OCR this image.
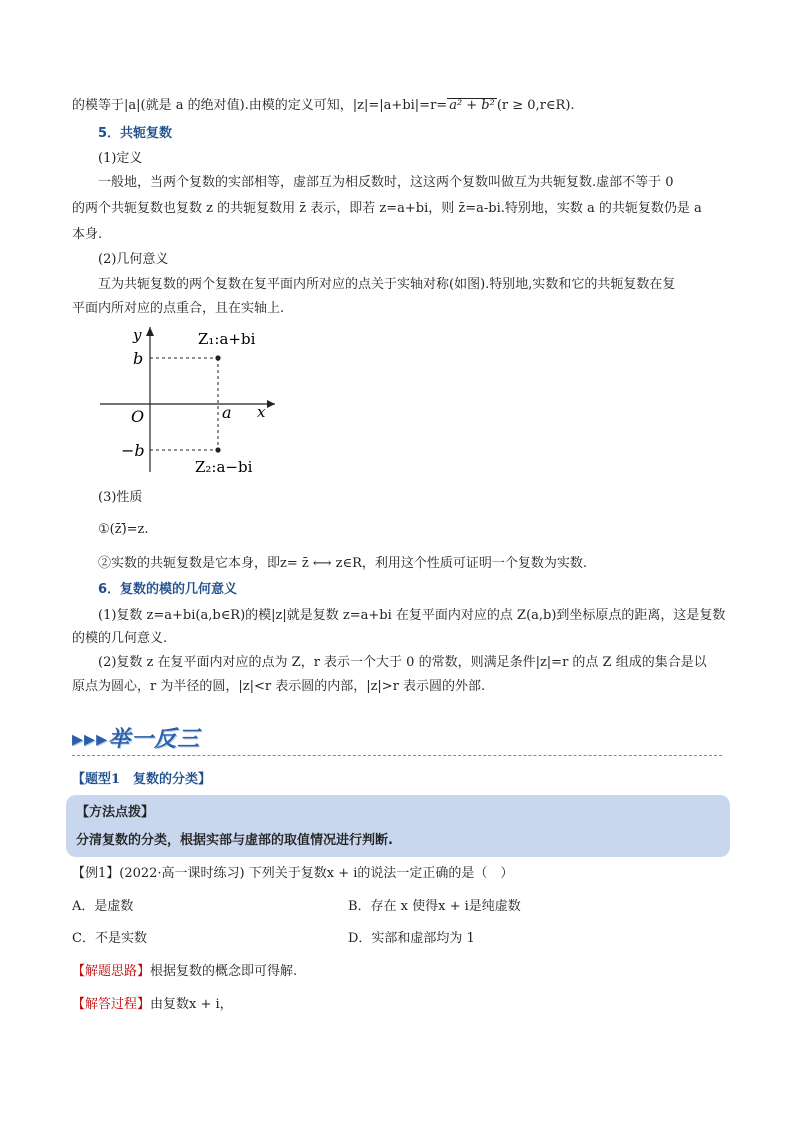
的模等于|a|(就是 a 的绝对值).由模的定义可知，|z|=|a+bi|=r= a² + b² (r ≥ 0,r∈R).

5．共轭复数

(1)定义

一般地，当两个复数的实部相等，虚部互为相反数时，这这两个复数叫做互为共轭复数.虚部不等于 0

的两个共轭复数也复数 z 的共轭复数用 z̄ 表示，即若 z=a+bi，则 z̄=a-bi.特别地，实数 a 的共轭复数仍是 a

本身.

(2)几何意义

互为共轭复数的两个复数在复平面内所对应的点关于实轴对称(如图).特别地,实数和它的共轭复数在复

平面内所对应的点重合，且在实轴上.

y
x
O
b
−b
a
Z₁:a+bi
Z₂:a−bi

(3)性质

①(z̄)̄=z.

②实数的共轭复数是它本身，即z= z̄ ⟷ z∈R，利用这个性质可证明一个复数为实数.

6．复数的模的几何意义

(1)复数 z=a+bi(a,b∈R)的模|z|就是复数 z=a+bi 在复平面内对应的点 Z(a,b)到坐标原点的距离，这是复数

的模的几何意义.

(2)复数 z 在复平面内对应的点为 Z，r 表示一个大于 0 的常数，则满足条件|z|=r 的点 Z 组成的集合是以

原点为圆心，r 为半径的圆，|z|<r 表示圆的内部，|z|>r 表示圆的外部.

▸▸▸举一反三

【题型1　复数的分类】

【方法点拨】
分清复数的分类，根据实部与虚部的取值情况进行判断.

【例1】(2022·高一课时练习) 下列关于复数x + i的说法一定正确的是（　）

A．是虚数	B．存在 x 使得x + i是纯虚数
C．不是实数	D．实部和虚部均为 1

【解题思路】根据复数的概念即可得解.

【解答过程】由复数x + i，
